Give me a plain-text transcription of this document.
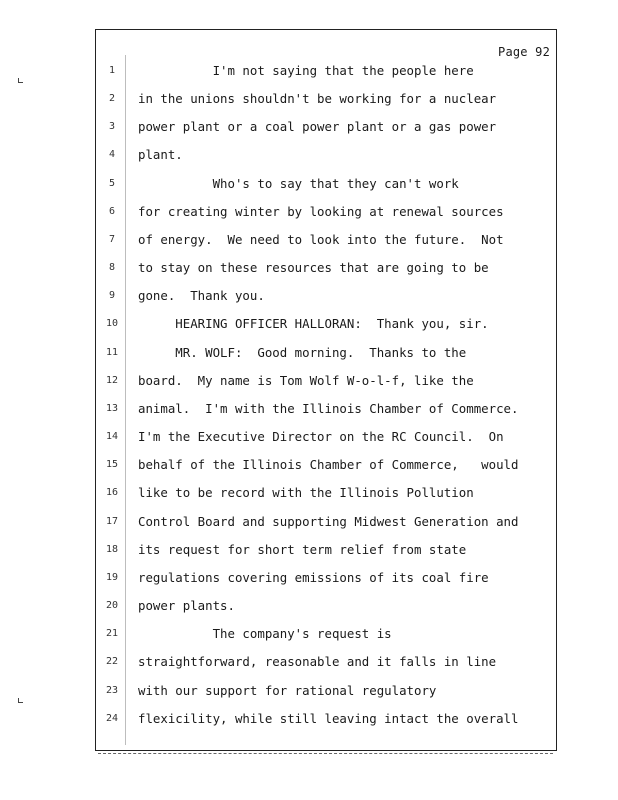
Page 92
1	I'm not saying that the people here
2	in the unions shouldn't be working for a nuclear
3	power plant or a coal power plant or a gas power
4	plant.
5	Who's to say that they can't work
6	for creating winter by looking at renewal sources
7	of energy.  We need to look into the future.  Not
8	to stay on these resources that are going to be
9	gone.  Thank you.
10	HEARING OFFICER HALLORAN:  Thank you, sir.
11	MR. WOLF:  Good morning.  Thanks to the
12	board.  My name is Tom Wolf W-o-l-f, like the
13	animal.  I'm with the Illinois Chamber of Commerce.
14	I'm the Executive Director on the RC Council.  On
15	behalf of the Illinois Chamber of Commerce,   would
16	like to be record with the Illinois Pollution
17	Control Board and supporting Midwest Generation and
18	its request for short term relief from state
19	regulations covering emissions of its coal fire
20	power plants.
21	The company's request is
22	straightforward, reasonable and it falls in line
23	with our support for rational regulatory
24	flexicility, while still leaving intact the overall
